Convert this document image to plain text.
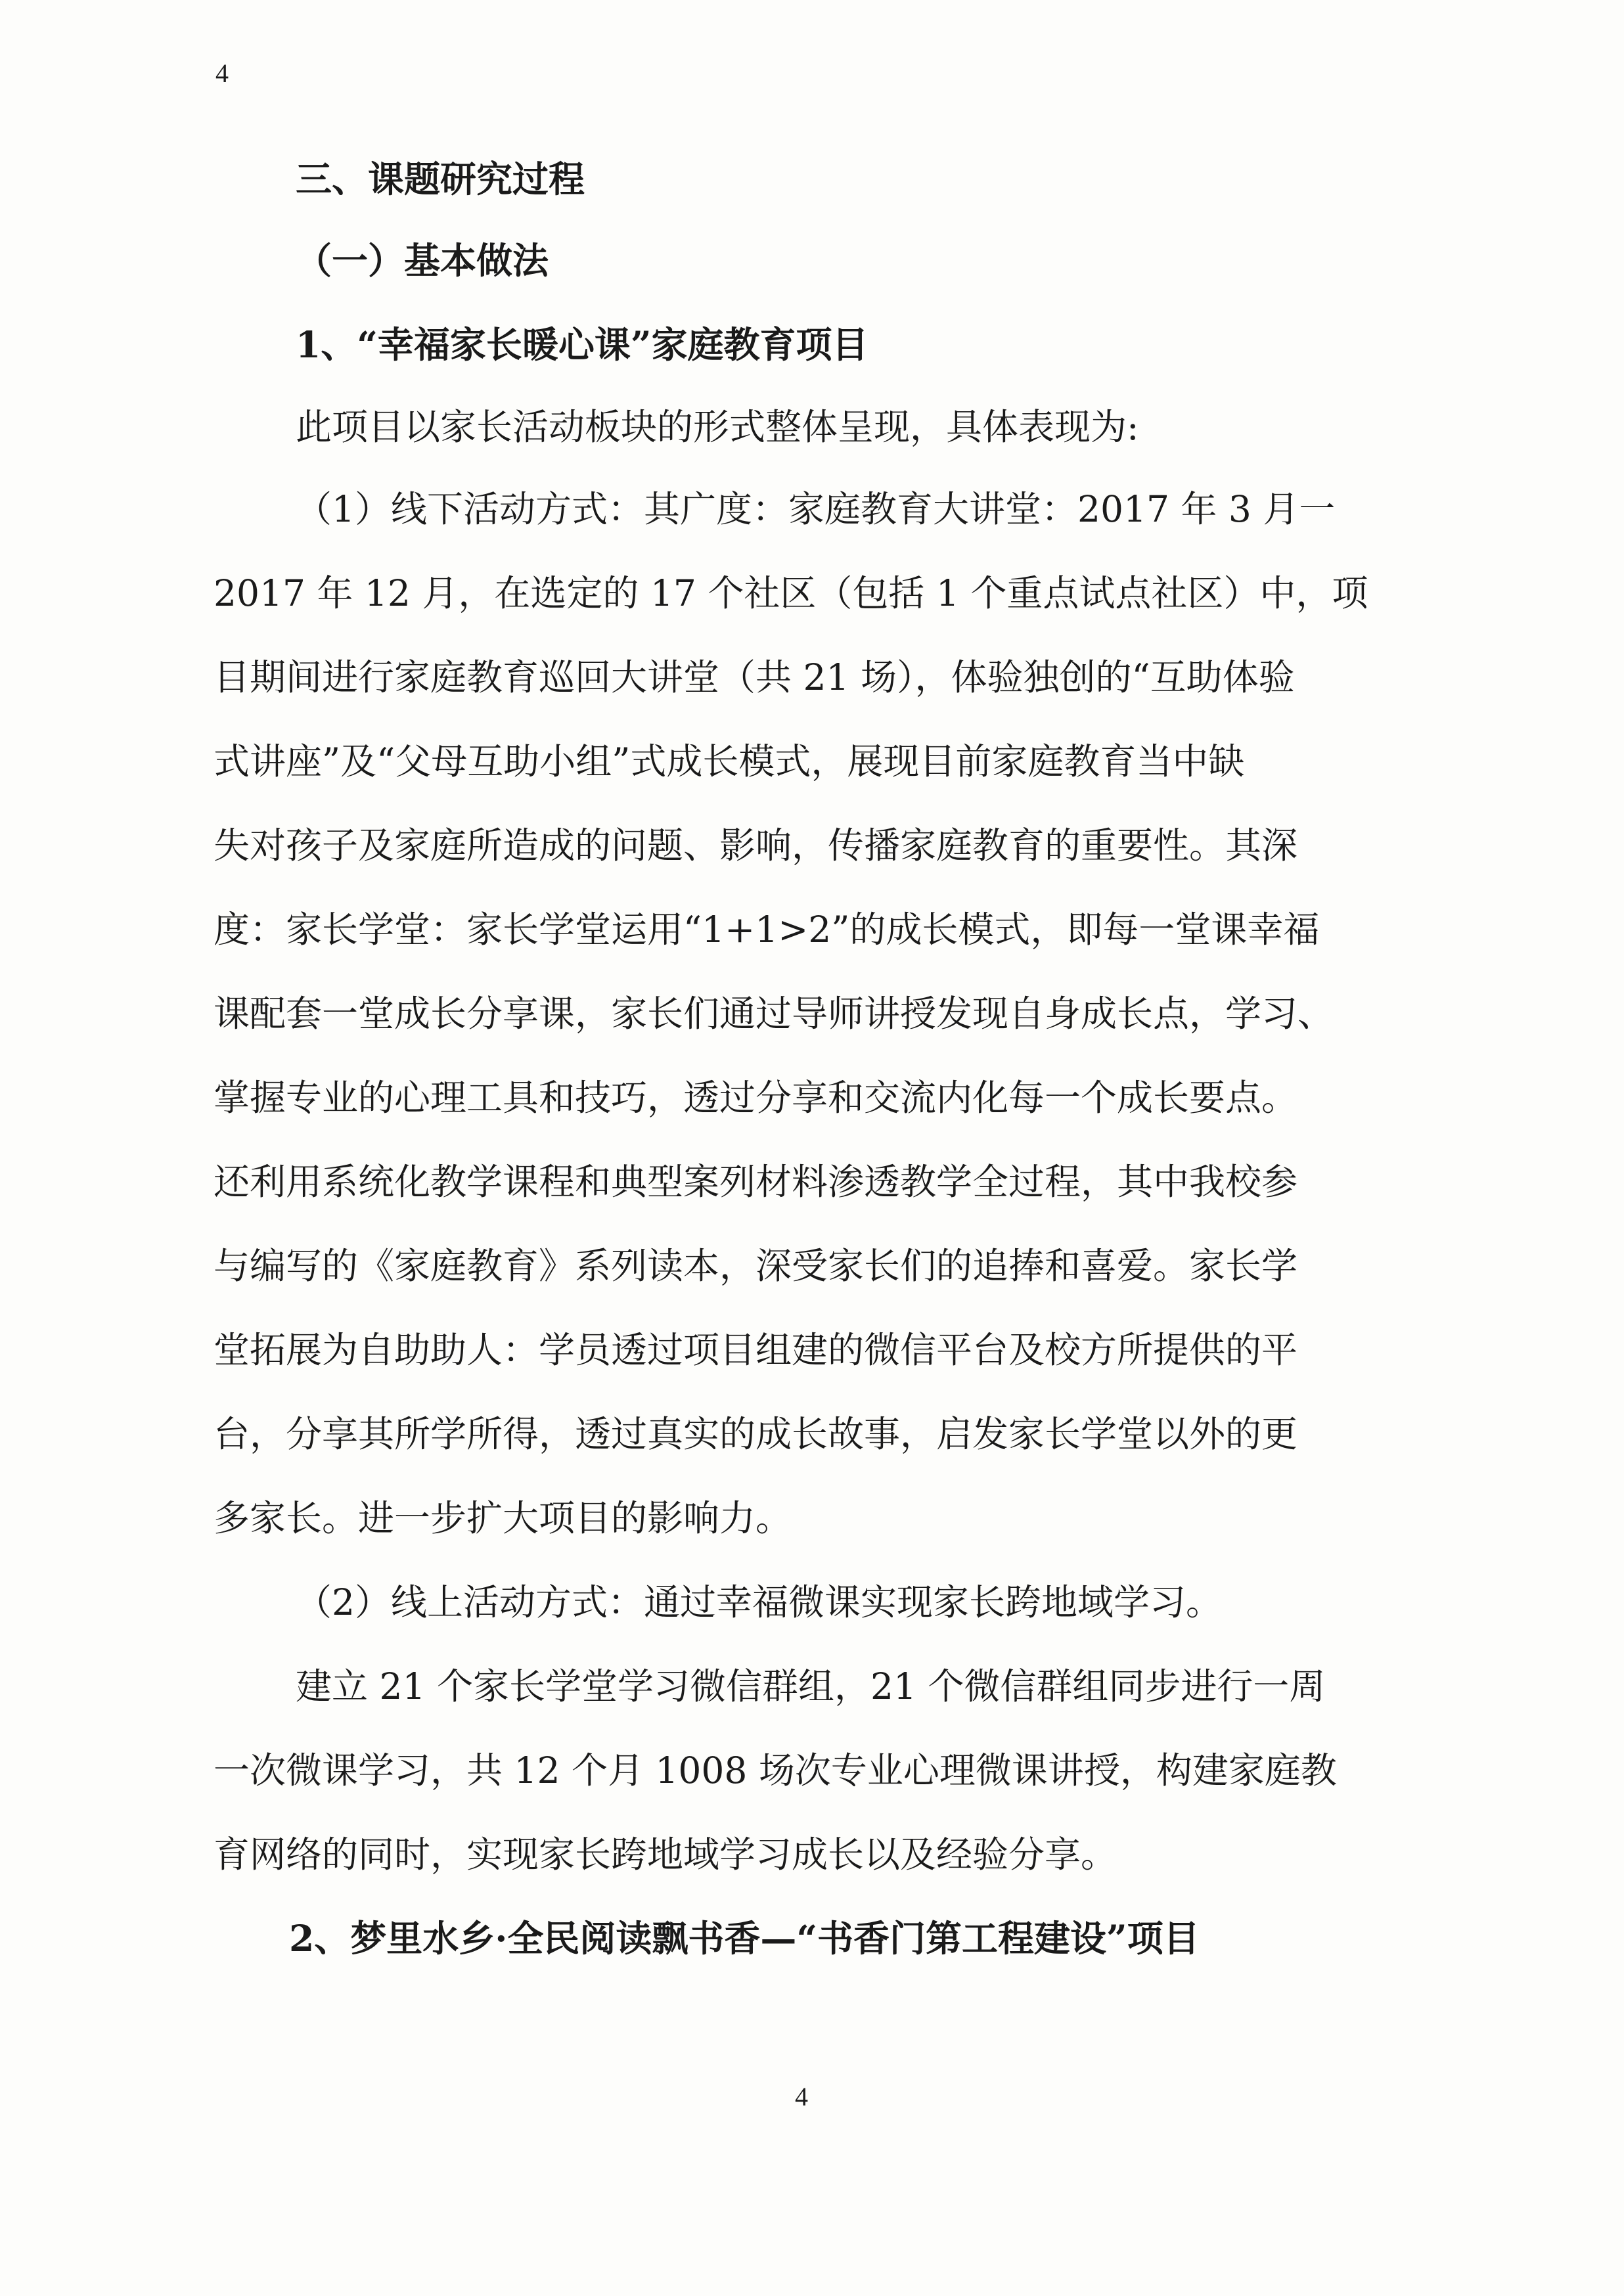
4
三、课题研究过程
（一）基本做法
1、“幸福家长暖心课”家庭教育项目
此项目以家长活动板块的形式整体呈现，具体表现为:
（1）线下活动方式：其广度：家庭教育大讲堂：2017 年 3 月一
2017 年 12 月，在选定的 17 个社区（包括 1 个重点试点社区）中，项
目期间进行家庭教育巡回大讲堂（共 21 场），体验独创的“互助体验
式讲座”及“父母互助小组”式成长模式，展现目前家庭教育当中缺
失对孩子及家庭所造成的问题、影响，传播家庭教育的重要性。其深
度：家长学堂：家长学堂运用“1+1>2”的成长模式，即每一堂课幸福
课配套一堂成长分享课，家长们通过导师讲授发现自身成长点，学习、
掌握专业的心理工具和技巧，透过分享和交流内化每一个成长要点。
还利用系统化教学课程和典型案列材料渗透教学全过程，其中我校参
与编写的《家庭教育》系列读本，深受家长们的追捧和喜爱。家长学
堂拓展为自助助人：学员透过项目组建的微信平台及校方所提供的平
台，分享其所学所得，透过真实的成长故事，启发家长学堂以外的更
多家长。进一步扩大项目的影响力。
（2）线上活动方式：通过幸福微课实现家长跨地域学习。
建立 21 个家长学堂学习微信群组，21 个微信群组同步进行一周
一次微课学习，共 12 个月 1008 场次专业心理微课讲授，构建家庭教
育网络的同时，实现家长跨地域学习成长以及经验分享。
2、梦里水乡·全民阅读飘书香—“书香门第工程建设”项目
4
